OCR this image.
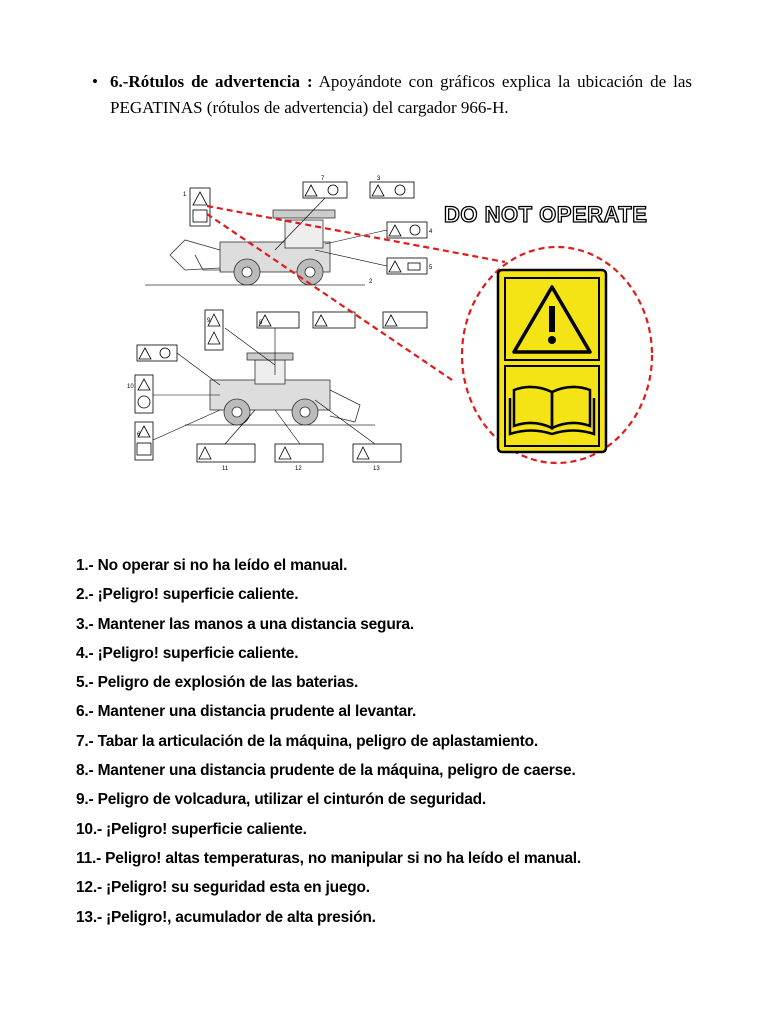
• 6.-Rótulos de advertencia : Apoyándote con gráficos explica la ubicación de las PEGATINAS (rótulos de advertencia) del cargador 966-H.
1
2
3
4
5
6
7
8
9
10
11	12	13
DO NOT OPERATE
1.- No operar si no ha leído el manual.
2.- ¡Peligro! superficie caliente.
3.- Mantener las manos a una distancia segura.
4.- ¡Peligro! superficie caliente.
5.- Peligro de explosión de las baterias.
6.- Mantener una distancia prudente al levantar.
7.- Tabar la articulación de la máquina, peligro de aplastamiento.
8.- Mantener una distancia prudente de la máquina, peligro de caerse.
9.- Peligro de volcadura, utilizar el cinturón de seguridad.
10.- ¡Peligro! superficie caliente.
11.- Peligro! altas temperaturas, no manipular si no ha leído el manual.
12.- ¡Peligro! su seguridad esta en juego.
13.- ¡Peligro!, acumulador de alta presión.
